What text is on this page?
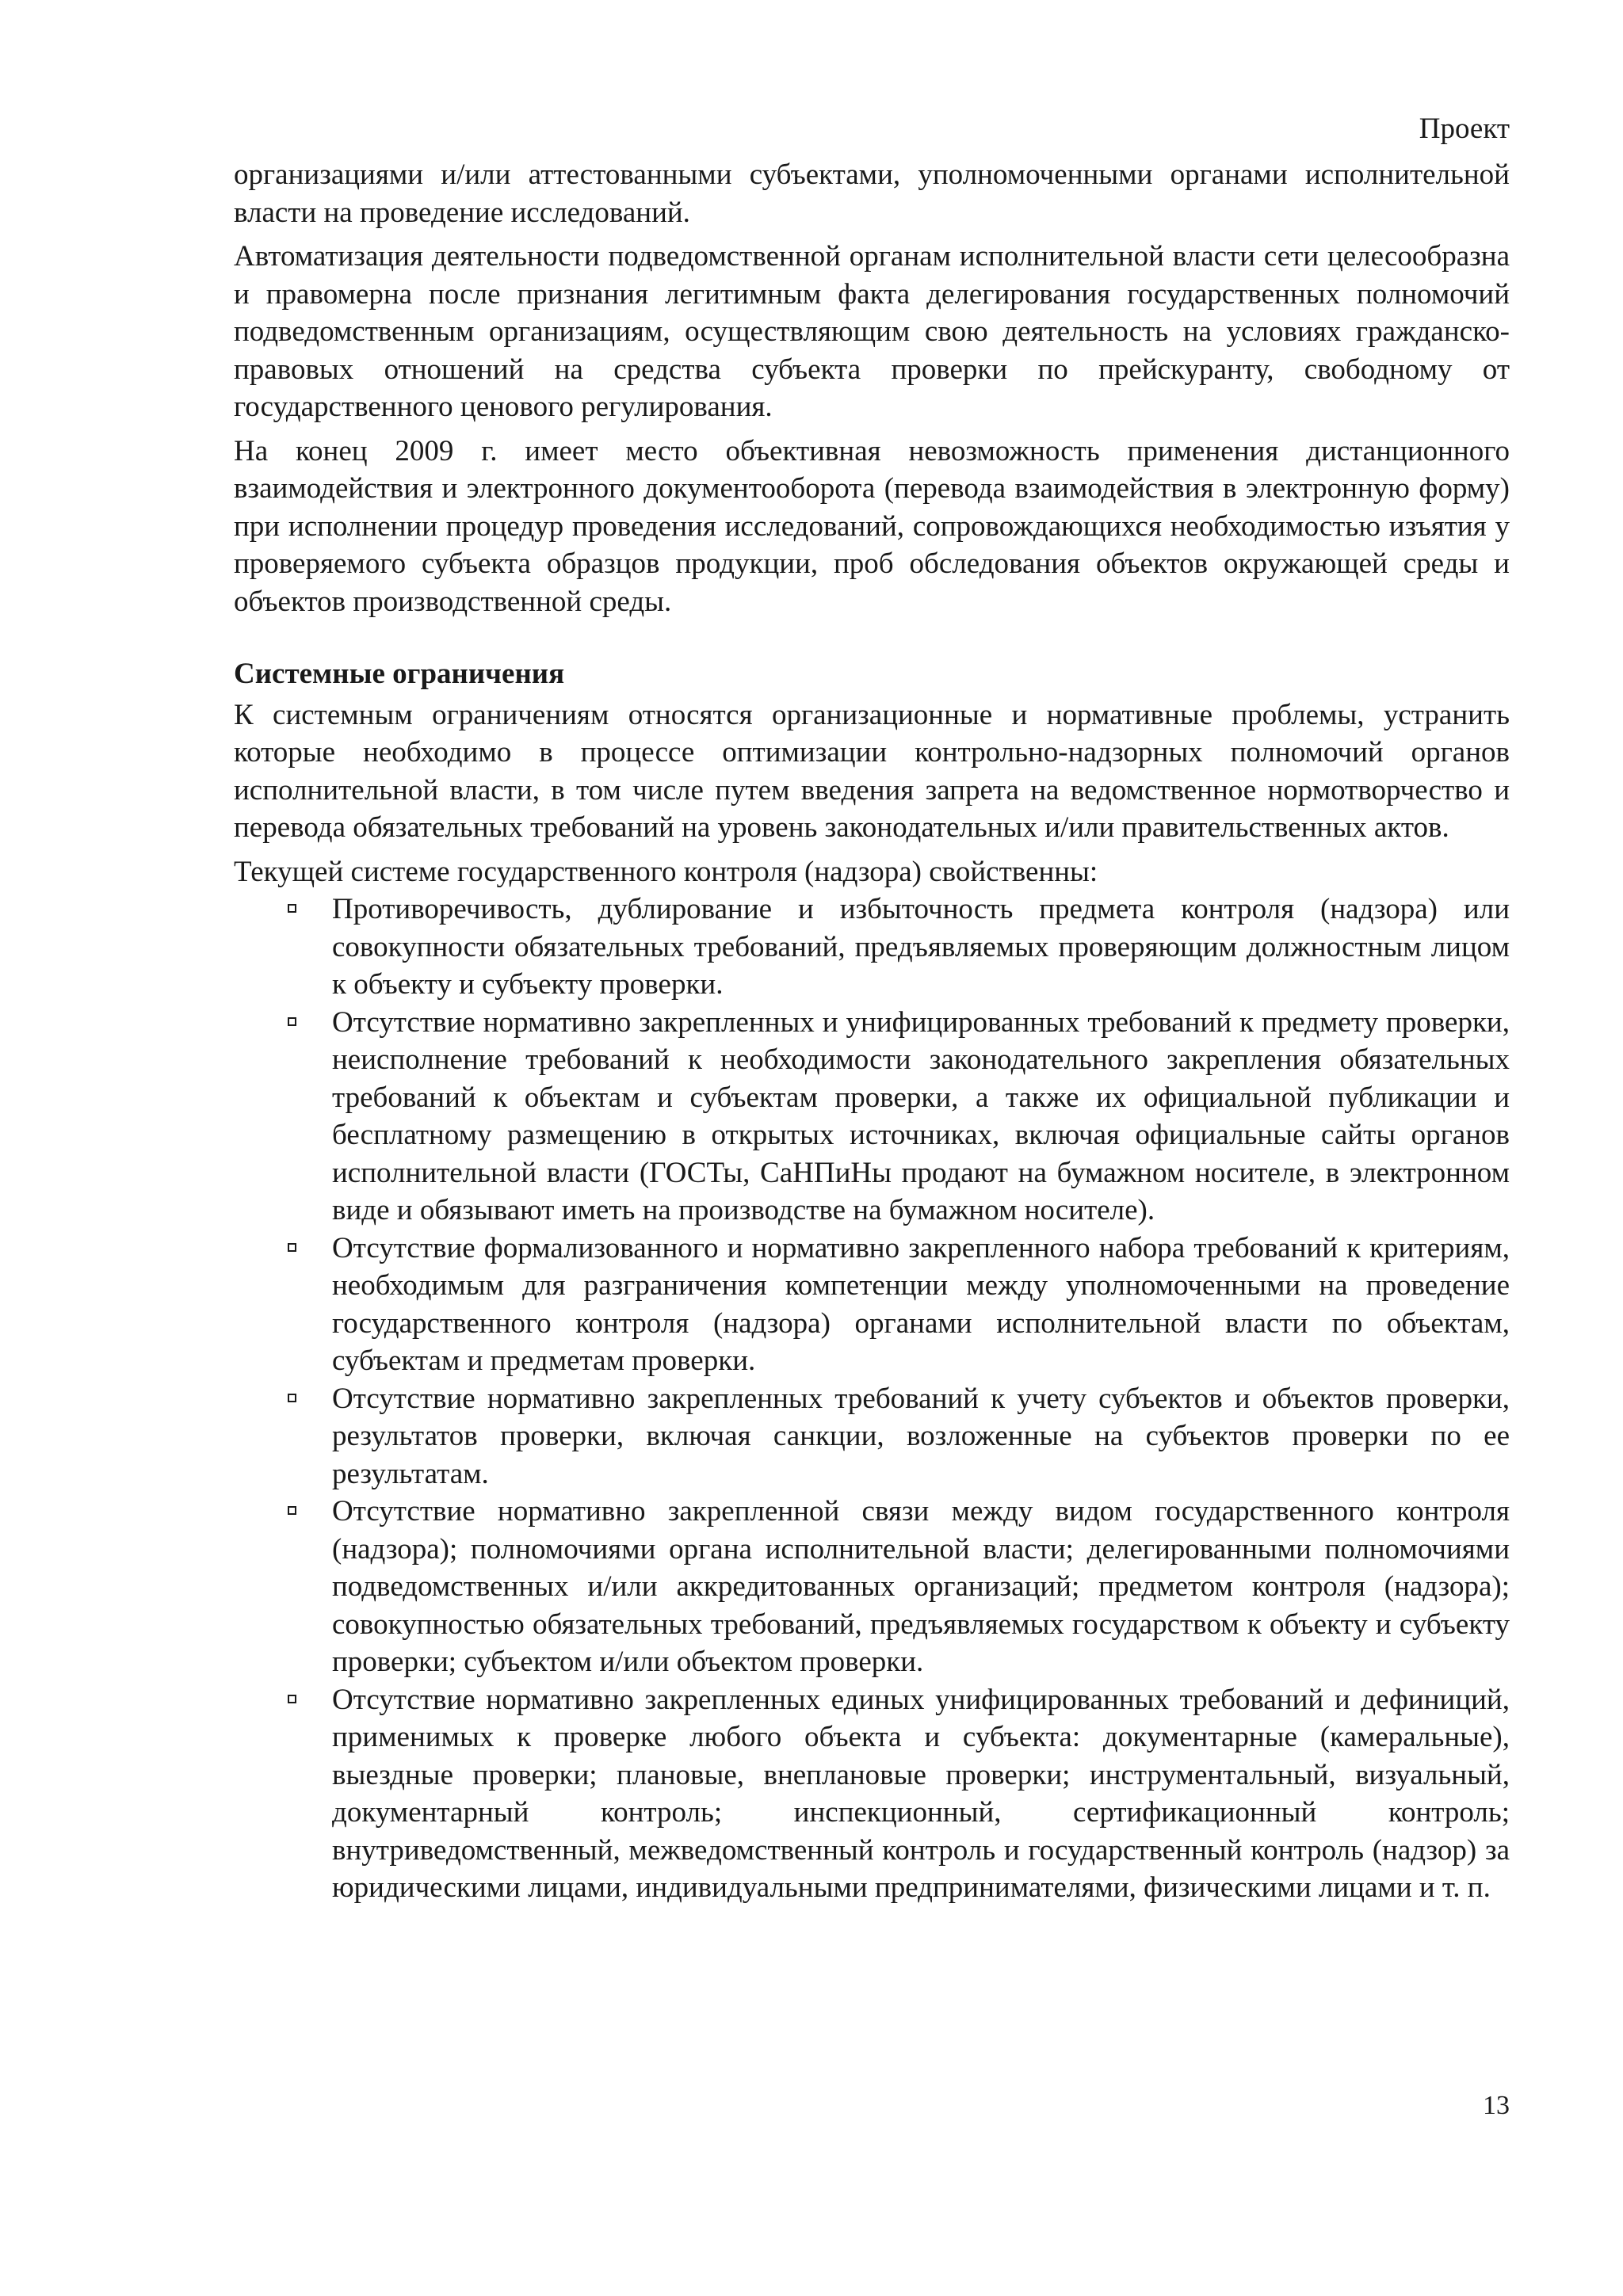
Проект

организациями и/или аттестованными субъектами, уполномоченными органами исполнительной власти на проведение исследований.

Автоматизация деятельности подведомственной органам исполнительной власти сети целесообразна и правомерна после признания легитимным факта делегирования государственных полномочий подведомственным организациям, осуществляющим свою деятельность на условиях гражданско-правовых отношений на средства субъекта проверки по прейскуранту, свободному от государственного ценового регулирования.

На конец 2009 г. имеет место объективная невозможность применения дистанционного взаимодействия и электронного документооборота (перевода взаимодействия в электронную форму) при исполнении процедур проведения исследований, сопровождающихся необходимостью изъятия у проверяемого субъекта образцов продукции, проб обследования объектов окружающей среды и объектов производственной среды.

Системные ограничения

К системным ограничениям относятся организационные и нормативные проблемы, устранить которые необходимо в процессе оптимизации контрольно-надзорных полномочий органов исполнительной власти, в том числе путем введения запрета на ведомственное нормотворчество и перевода обязательных требований на уровень законодательных и/или правительственных актов.

Текущей системе государственного контроля (надзора) свойственны:

Противоречивость, дублирование и избыточность предмета контроля (надзора) или совокупности обязательных требований, предъявляемых проверяющим должностным лицом к объекту и субъекту проверки.
Отсутствие нормативно закрепленных и унифицированных требований к предмету проверки, неисполнение требований к необходимости законодательного закрепления обязательных требований к объектам и субъектам проверки, а также их официальной публикации и бесплатному размещению в открытых источниках, включая официальные сайты органов исполнительной власти (ГОСТы, СаНПиНы продают на бумажном носителе, в электронном виде и обязывают иметь на производстве на бумажном носителе).
Отсутствие формализованного и нормативно закрепленного набора требований к критериям, необходимым для разграничения компетенции между уполномоченными на проведение государственного контроля (надзора) органами исполнительной власти по объектам, субъектам и предметам проверки.
Отсутствие нормативно закрепленных требований к учету субъектов и объектов проверки, результатов проверки, включая санкции, возложенные на субъектов проверки по ее результатам.
Отсутствие нормативно закрепленной связи между видом государственного контроля (надзора); полномочиями органа исполнительной власти; делегированными полномочиями подведомственных и/или аккредитованных организаций; предметом контроля (надзора); совокупностью обязательных требований, предъявляемых государством к объекту и субъекту проверки; субъектом и/или объектом проверки.
Отсутствие нормативно закрепленных единых унифицированных требований и дефиниций, применимых к проверке любого объекта и субъекта: документарные (камеральные), выездные проверки; плановые, внеплановые проверки; инструментальный, визуальный, документарный контроль; инспекционный, сертификационный контроль; внутриведомственный, межведомственный контроль и государственный контроль (надзор) за юридическими лицами, индивидуальными предпринимателями, физическими лицами и т. п.
13
